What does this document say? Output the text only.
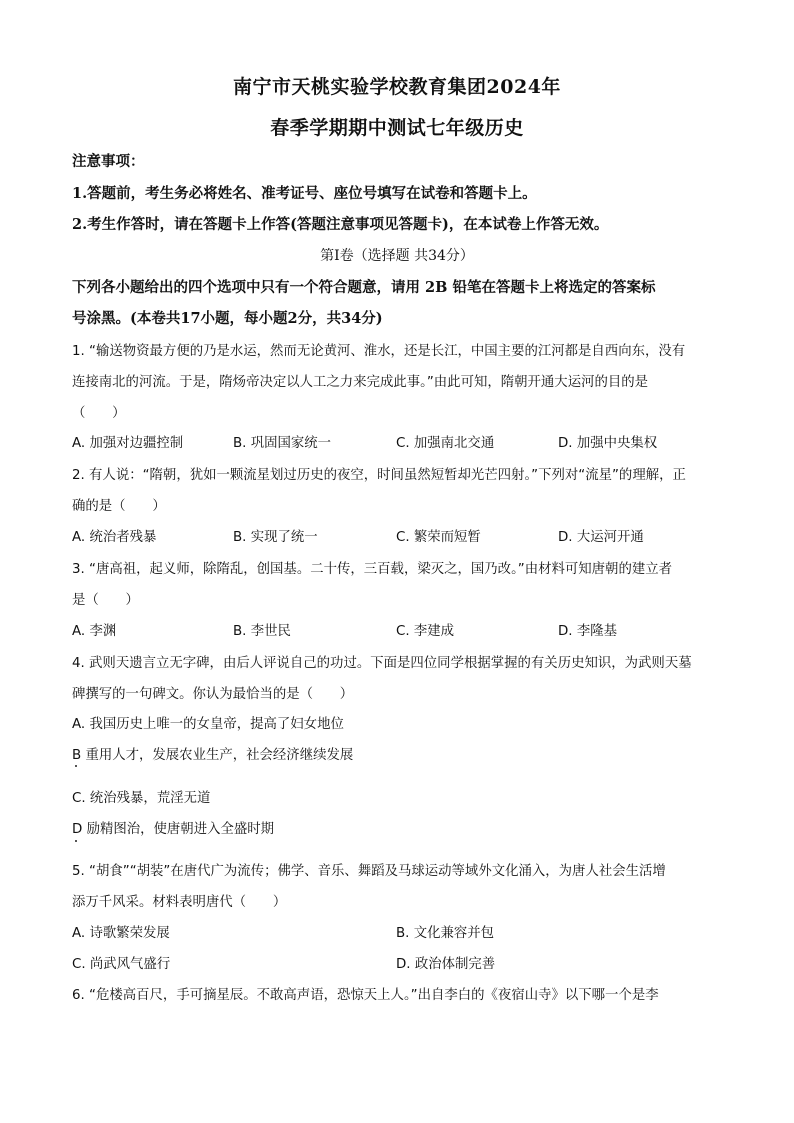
南宁市天桃实验学校教育集团2024年
春季学期期中测试七年级历史
注意事项：
1.答题前，考生务必将姓名、准考证号、座位号填写在试卷和答题卡上。
2.考生作答时，请在答题卡上作答(答题注意事项见答题卡)，在本试卷上作答无效。
第Ⅰ卷（选择题 共34分）
下列各小题给出的四个选项中只有一个符合题意，请用 2B 铅笔在答题卡上将选定的答案标
号涂黑。(本卷共17小题，每小题2分，共34分)
1. “输送物资最方便的乃是水运，然而无论黄河、淮水，还是长江，中国主要的江河都是自西向东，没有
连接南北的河流。于是，隋炀帝决定以人工之力来完成此事。”由此可知，隋朝开通大运河的目的是
（　　）
A. 加强对边疆控制	B. 巩固国家统一	C. 加强南北交通	D. 加强中央集权
2. 有人说：“隋朝，犹如一颗流星划过历史的夜空，时间虽然短暂却光芒四射。”下列对“流星”的理解，正
确的是（　　）
A. 统治者残暴	B. 实现了统一	C. 繁荣而短暂	D. 大运河开通
3. “唐高祖，起义师，除隋乱，创国基。二十传，三百载，梁灭之，国乃改。”由材料可知唐朝的建立者
是（　　）
A. 李渊	B. 李世民	C. 李建成	D. 李隆基
4. 武则天遗言立无字碑，由后人评说自己的功过。下面是四位同学根据掌握的有关历史知识，为武则天墓
碑撰写的一句碑文。你认为最恰当的是（　　）
A. 我国历史上唯一的女皇帝，提高了妇女地位
B 重用人才，发展农业生产，社会经济继续发展
C. 统治残暴，荒淫无道
D 励精图治，使唐朝进入全盛时期
5. “胡食”“胡装”在唐代广为流传；佛学、音乐、舞蹈及马球运动等域外文化涌入，为唐人社会生活增
添万千风采。材料表明唐代（　　）
A. 诗歌繁荣发展	B. 文化兼容并包
C. 尚武风气盛行	D. 政治体制完善
6. “危楼高百尺，手可摘星辰。不敢高声语，恐惊天上人。”出自李白的《夜宿山寺》以下哪一个是李
